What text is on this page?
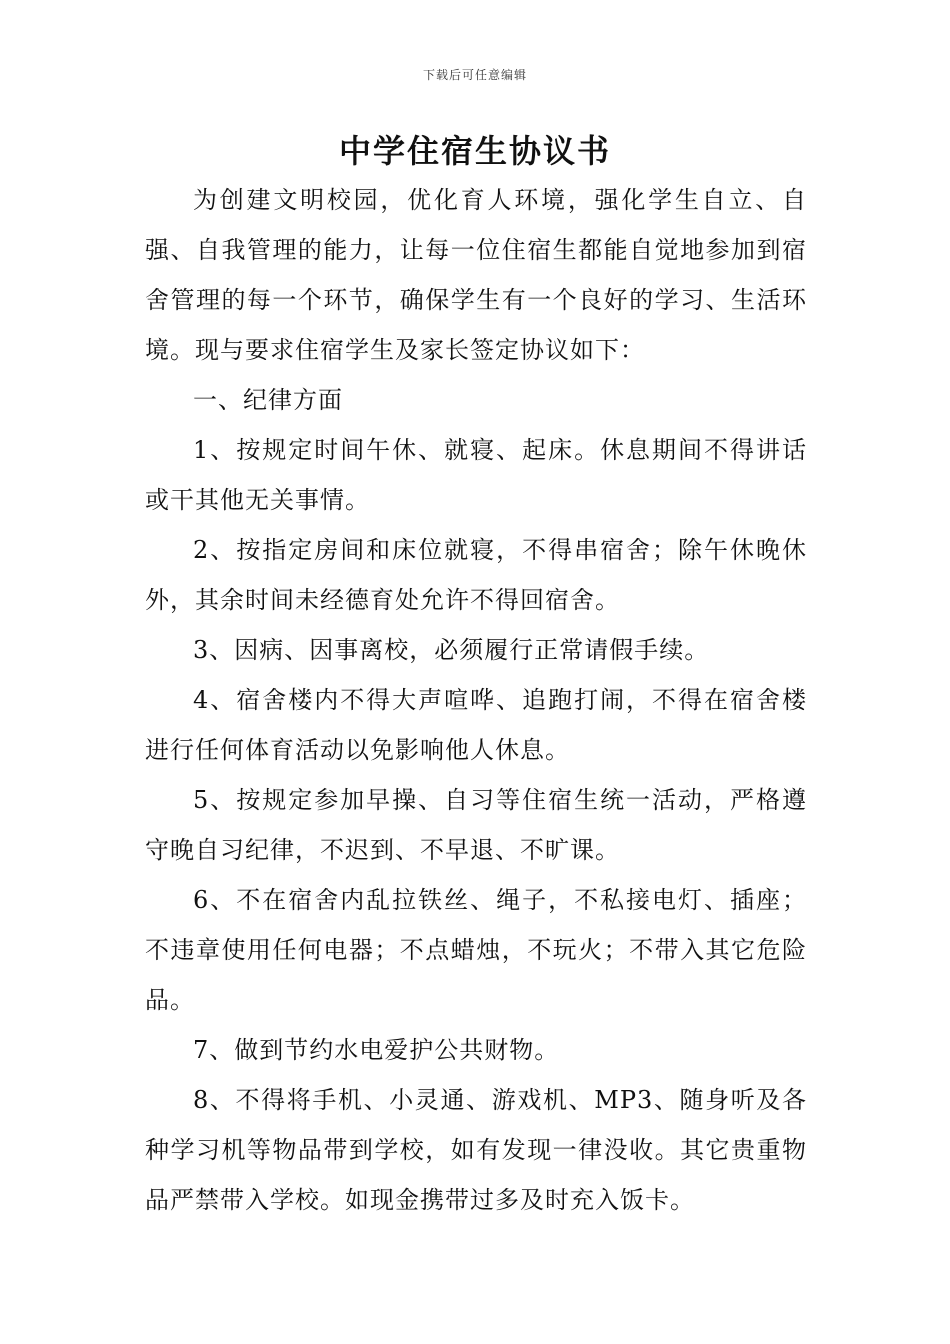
下载后可任意编辑
中学住宿生协议书

为创建文明校园，优化育人环境，强化学生自立、自强、自我管理的能力，让每一位住宿生都能自觉地参加到宿舍管理的每一个环节，确保学生有一个良好的学习、生活环境。现与要求住宿学生及家长签定协议如下：

一、纪律方面

1、按规定时间午休、就寝、起床。休息期间不得讲话或干其他无关事情。

2、按指定房间和床位就寝，不得串宿舍；除午休晚休外，其余时间未经德育处允许不得回宿舍。

3、因病、因事离校，必须履行正常请假手续。

4、宿舍楼内不得大声喧哗、追跑打闹，不得在宿舍楼进行任何体育活动以免影响他人休息。

5、按规定参加早操、自习等住宿生统一活动，严格遵守晚自习纪律，不迟到、不早退、不旷课。

6、不在宿舍内乱拉铁丝、绳子，不私接电灯、插座；不违章使用任何电器；不点蜡烛，不玩火；不带入其它危险品。

7、做到节约水电爱护公共财物。

8、不得将手机、小灵通、游戏机、MP3、随身听及各种学习机等物品带到学校，如有发现一律没收。其它贵重物品严禁带入学校。如现金携带过多及时充入饭卡。
